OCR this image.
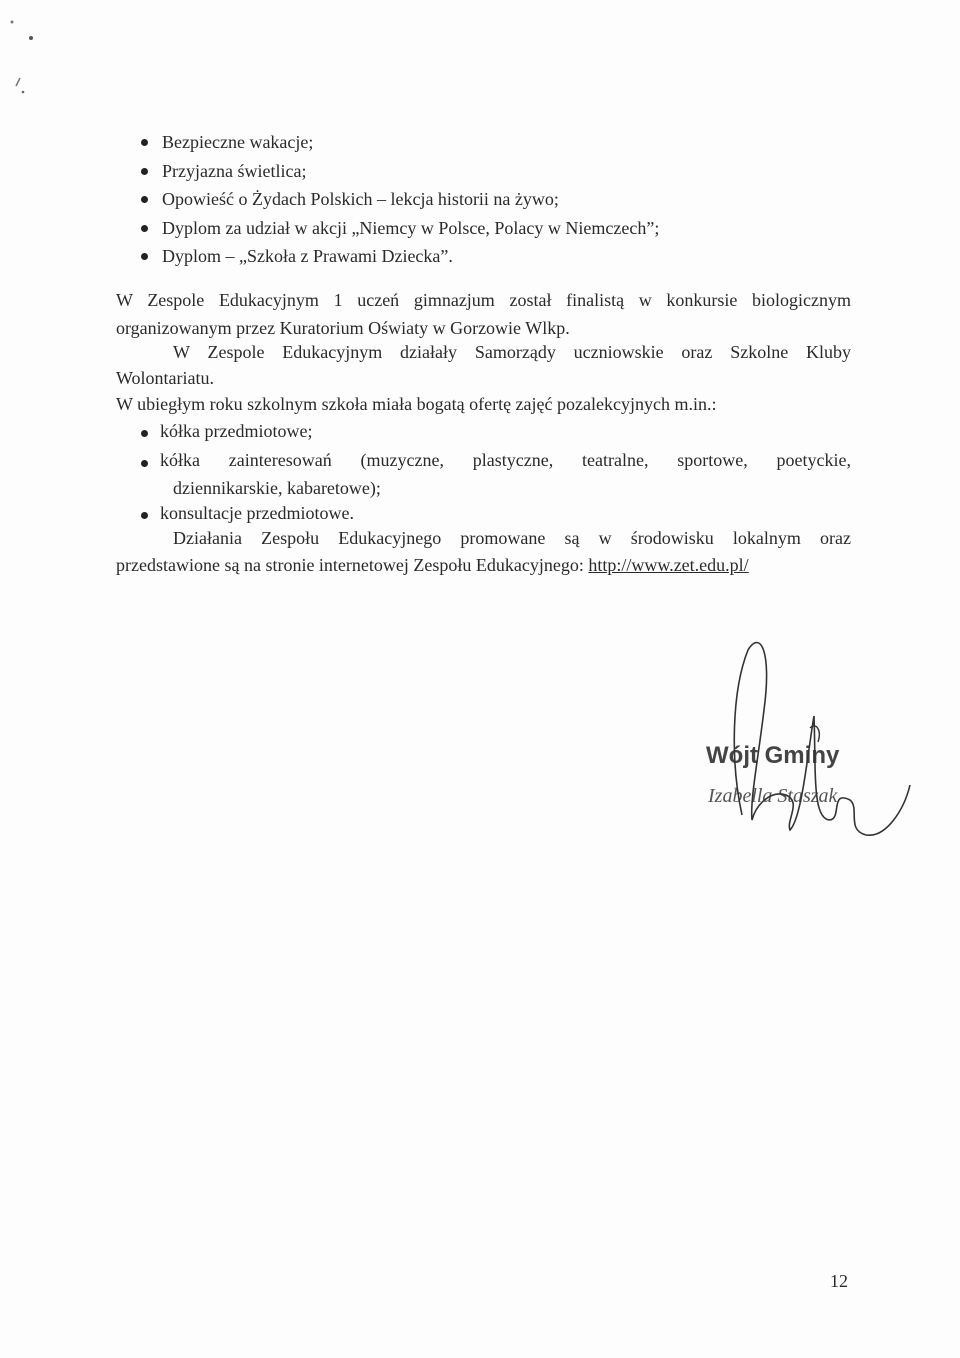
Bezpieczne wakacje;
Przyjazna świetlica;
Opowieść o Żydach Polskich – lekcja historii na żywo;
Dyplom za udział w akcji „Niemcy w Polsce, Polacy w Niemczech”;
Dyplom – „Szkoła z Prawami Dziecka”.
W Zespole Edukacyjnym 1 uczeń gimnazjum został finalistą w konkursie biologicznym
organizowanym przez Kuratorium Oświaty w Gorzowie Wlkp.
W Zespole Edukacyjnym działały Samorządy uczniowskie oraz Szkolne Kluby
Wolontariatu.
W ubiegłym roku szkolnym szkoła miała bogatą ofertę zajęć pozalekcyjnych m.in.:
kółka przedmiotowe;
kółka zainteresowań (muzyczne, plastyczne, teatralne, sportowe, poetyckie,
dziennikarskie, kabaretowe);
konsultacje przedmiotowe.
Działania Zespołu Edukacyjnego promowane są w środowisku lokalnym oraz
przedstawione są na stronie internetowej Zespołu Edukacyjnego: http://www.zet.edu.pl/
Wójt Gminy
Izabella Staszak
12
